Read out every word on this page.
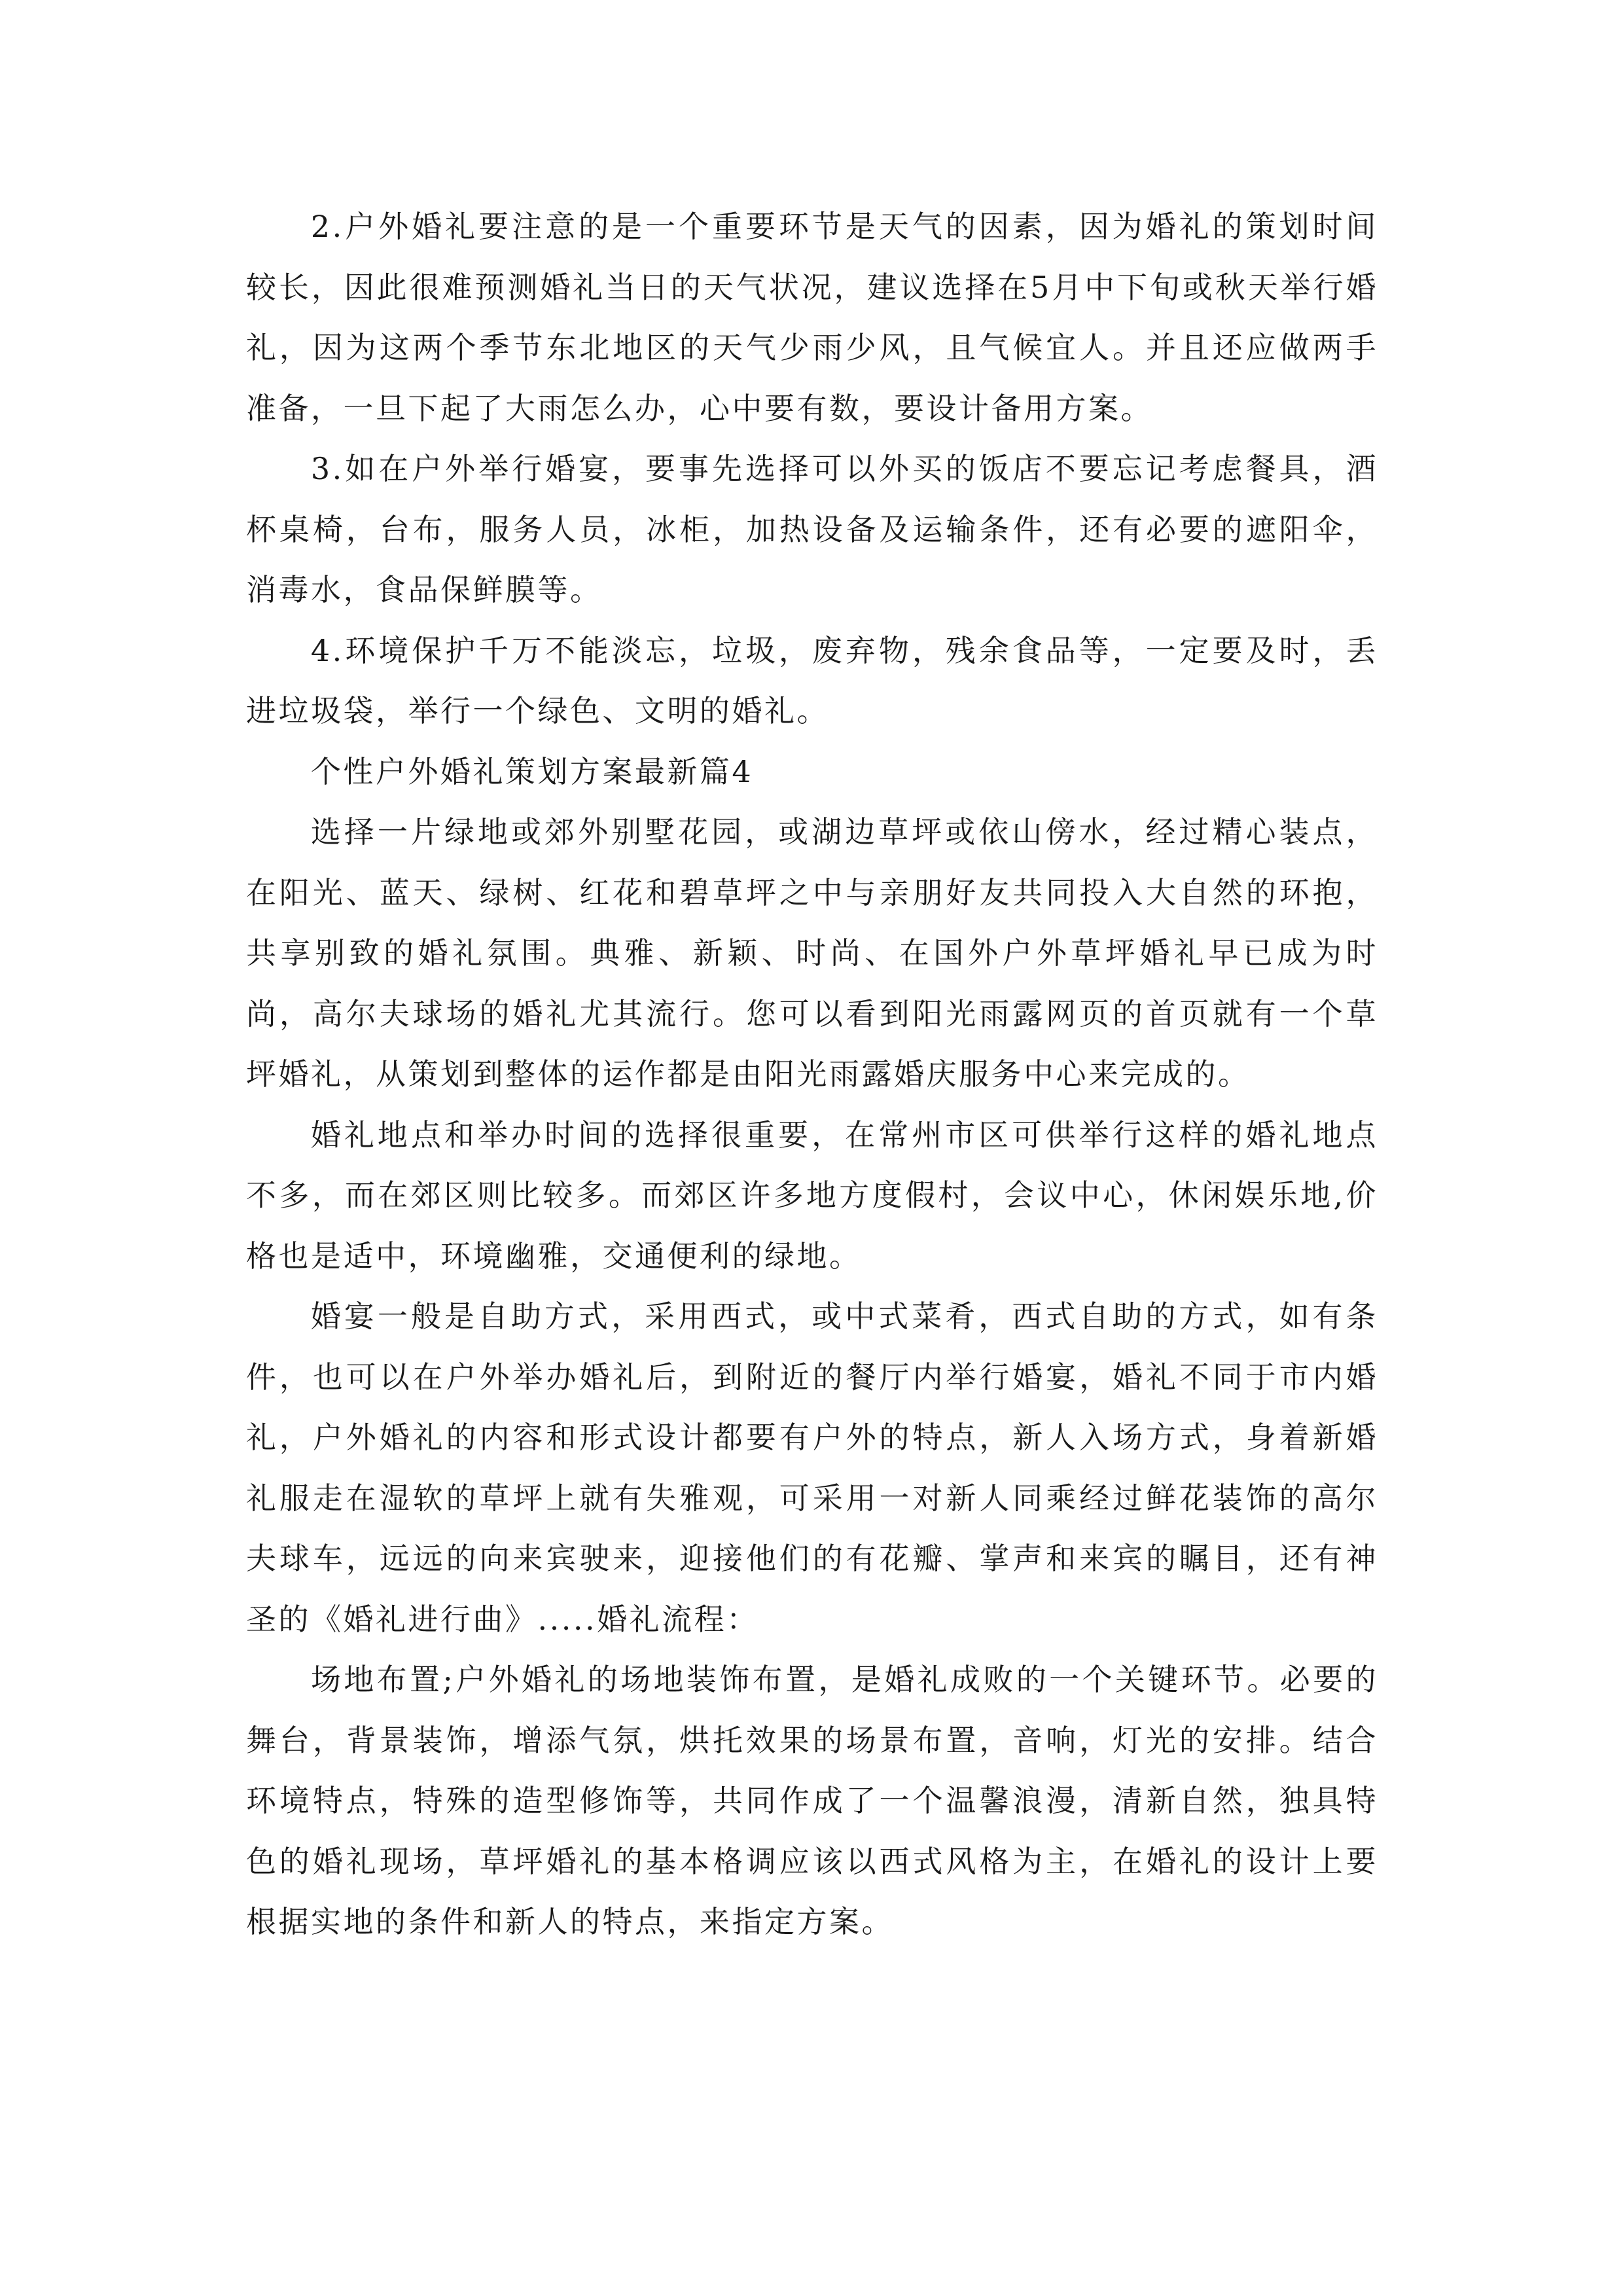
2.户外婚礼要注意的是一个重要环节是天气的因素，因为婚礼的策划时间较长，因此很难预测婚礼当日的天气状况，建议选择在5月中下旬或秋天举行婚礼，因为这两个季节东北地区的天气少雨少风，且气候宜人。并且还应做两手准备，一旦下起了大雨怎么办，心中要有数，要设计备用方案。

3.如在户外举行婚宴，要事先选择可以外买的饭店不要忘记考虑餐具，酒杯桌椅，台布，服务人员，冰柜，加热设备及运输条件，还有必要的遮阳伞，消毒水，食品保鲜膜等。

4.环境保护千万不能淡忘，垃圾，废弃物，残余食品等，一定要及时，丢进垃圾袋，举行一个绿色、文明的婚礼。

个性户外婚礼策划方案最新篇4

选择一片绿地或郊外别墅花园，或湖边草坪或依山傍水，经过精心装点，在阳光、蓝天、绿树、红花和碧草坪之中与亲朋好友共同投入大自然的环抱，共享别致的婚礼氛围。典雅、新颖、时尚、在国外户外草坪婚礼早已成为时尚，高尔夫球场的婚礼尤其流行。您可以看到阳光雨露网页的首页就有一个草坪婚礼，从策划到整体的运作都是由阳光雨露婚庆服务中心来完成的。

婚礼地点和举办时间的选择很重要，在常州市区可供举行这样的婚礼地点不多，而在郊区则比较多。而郊区许多地方度假村，会议中心，休闲娱乐地,价格也是适中，环境幽雅，交通便利的绿地。

婚宴一般是自助方式，采用西式，或中式菜肴，西式自助的方式，如有条件，也可以在户外举办婚礼后，到附近的餐厅内举行婚宴，婚礼不同于市内婚礼，户外婚礼的内容和形式设计都要有户外的特点，新人入场方式，身着新婚礼服走在湿软的草坪上就有失雅观，可采用一对新人同乘经过鲜花装饰的高尔夫球车，远远的向来宾驶来，迎接他们的有花瓣、掌声和来宾的瞩目，还有神圣的《婚礼进行曲》.....婚礼流程：

场地布置;户外婚礼的场地装饰布置，是婚礼成败的一个关键环节。必要的舞台，背景装饰，增添气氛，烘托效果的场景布置，音响，灯光的安排。结合环境特点，特殊的造型修饰等，共同作成了一个温馨浪漫，清新自然，独具特色的婚礼现场，草坪婚礼的基本格调应该以西式风格为主，在婚礼的设计上要根据实地的条件和新人的特点，来指定方案。
